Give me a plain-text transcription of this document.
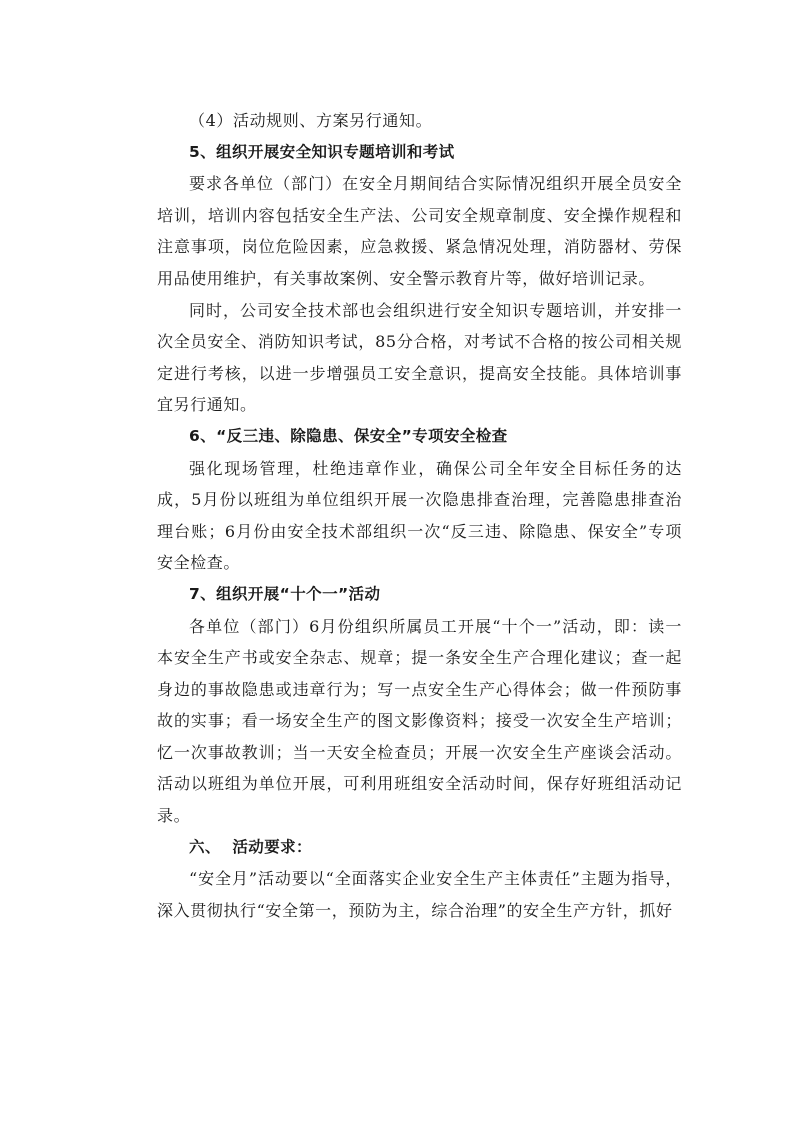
（4）活动规则、方案另行通知。

5、组织开展安全知识专题培训和考试

要求各单位（部门）在安全月期间结合实际情况组织开展全员安全培训，培训内容包括安全生产法、公司安全规章制度、安全操作规程和注意事项，岗位危险因素，应急救援、紧急情况处理，消防器材、劳保用品使用维护，有关事故案例、安全警示教育片等，做好培训记录。

同时，公司安全技术部也会组织进行安全知识专题培训，并安排一次全员安全、消防知识考试，85分合格，对考试不合格的按公司相关规定进行考核，以进一步增强员工安全意识，提高安全技能。具体培训事宜另行通知。

6、“反三违、除隐患、保安全”专项安全检查

强化现场管理，杜绝违章作业，确保公司全年安全目标任务的达成，5月份以班组为单位组织开展一次隐患排查治理，完善隐患排查治理台账；6月份由安全技术部组织一次“反三违、除隐患、保安全”专项安全检查。

7、组织开展“十个一”活动

各单位（部门）6月份组织所属员工开展“十个一”活动，即：读一本安全生产书或安全杂志、规章；提一条安全生产合理化建议；查一起身边的事故隐患或违章行为；写一点安全生产心得体会；做一件预防事故的实事；看一场安全生产的图文影像资料；接受一次安全生产培训；忆一次事故教训；当一天安全检查员；开展一次安全生产座谈会活动。活动以班组为单位开展，可利用班组安全活动时间，保存好班组活动记录。

六、  活动要求：

“安全月”活动要以“全面落实企业安全生产主体责任”主题为指导，深入贯彻执行“安全第一，预防为主，综合治理”的安全生产方针，抓好
